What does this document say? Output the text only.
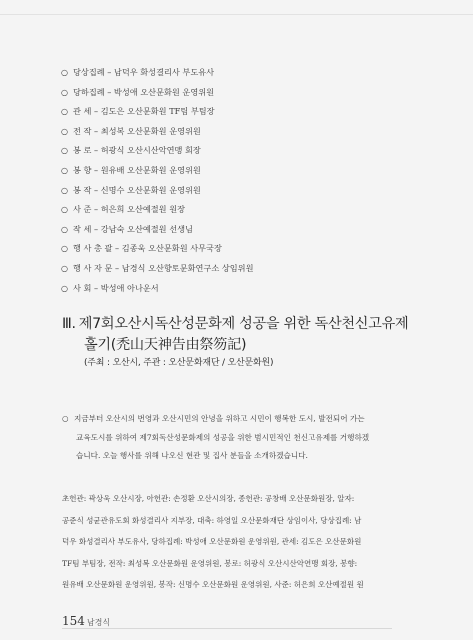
○ 당상집례 – 남덕우 화성결리사 부도유사
○ 당하집례 – 박성애 오산문화원 운영위원
○ 관 세 – 김도은 오산문화원 TF팀 부팀장
○ 전 작 – 최성복 오산문화원 운영위원
○ 봉 로 – 허광식 오산시산악연맹 회장
○ 봉 향 – 원유배 오산문화원 운영위원
○ 봉 작 – 신명수 오산문화원 운영위원
○ 사 준 – 허은희 오산예절원 원장
○ 작 세 – 강남숙 오산예절원 선생님
○ 행 사 총 괄 – 김종욱 오산문화원 사무국장
○ 행 사 자 문 – 남경식 오산향토문화연구소 상임위원
○ 사 회 – 박성애 아나운서
Ⅲ. 제7회오산시독산성문화제 성공을 위한 독산천신고유제
홀기(禿山天神告由祭笏記)
(주최 : 오산시, 주관 : 오산문화재단 / 오산문화원)
○ 지금부터 오산시의 번영과 오산시민의 안녕을 위하고 시민이 행복한 도시, 발전되어 가는
교육도시를 위하여 제7회독산성문화제의 성공을 위한 범시민적인 천신고유제를 거행하겠
습니다. 오늘 행사를 위해 나오신 현관 및 집사 분들을 소개하겠습니다.
초헌관: 곽상욱 오산시장, 아헌관: 손정환 오산시의장, 종헌관: 공창배 오산문화원장, 알자:
공준식 성균관유도회 화성결리사 지부장, 대축: 하영일 오산문화재단 상임이사, 당상집례: 남
덕우 화성결리사 부도유사, 당하집례: 박성애 오산문화원 운영위원, 관세: 김도은 오산문화원
TF팀 부팀장, 전작: 최성복 오산문화원 운영위원, 봉로: 허광식 오산시산악연맹 회장, 봉향:
원유배 오산문화원 운영위원, 봉작: 신명수 오산문화원 운영위원, 사준: 허은희 오산예절원 원
154 남경식
